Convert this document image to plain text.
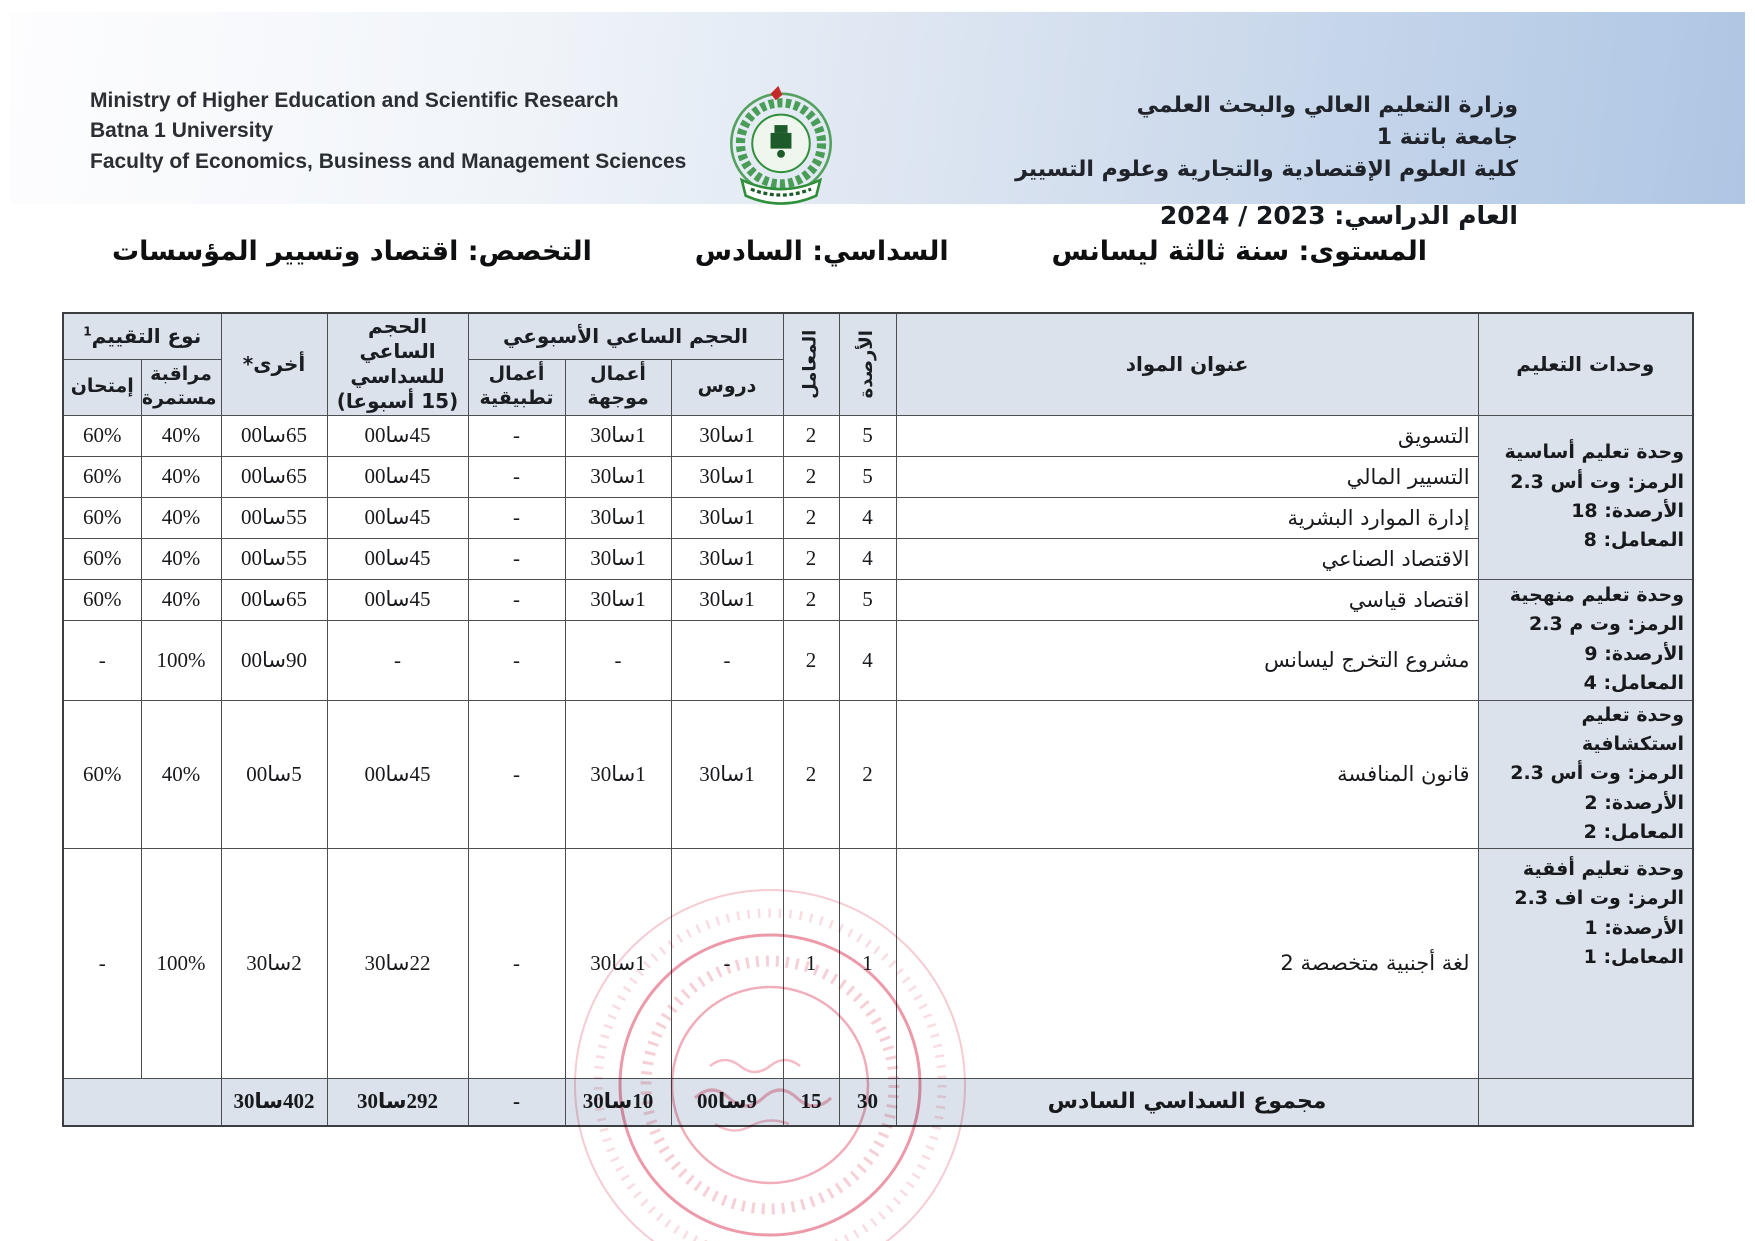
Ministry of Higher Education and Scientific Research
Batna 1 University
Faculty of Economics, Business and Management Sciences
وزارة التعليم العالي والبحث العلمي
جامعة باتنة 1
كلية العلوم الإقتصادية والتجارية وعلوم التسيير
العام الدراسي: 2023 / 2024
المستوى: سنة ثالثة ليسانس
السداسي: السادس
التخصص: اقتصاد وتسيير المؤسسات
وحدات التعليم	عنوان المواد	الأرصدة	المعامل	الحجم الساعي الأسبوعي			الحجم الساعي للسداسي (15 أسبوعا)	أخرى*	نوع التقييم$^1$
				دروس	أعمال موجهة	أعمال تطبيقية			مراقبة مستمرة	إمتحان

وحدة تعليم أساسية
الرمز: وت أس 2.3
الأرصدة: 18
المعامل: 8	التسويق	5	2	1سا30	1سا30	-	45سا00	65سا00	40%	60%
	التسيير المالي	5	2	1سا30	1سا30	-	45سا00	65سا00	40%	60%
	إدارة الموارد البشرية	4	2	1سا30	1سا30	-	45سا00	55سا00	40%	60%
	الاقتصاد الصناعي	4	2	1سا30	1سا30	-	45سا00	55سا00	40%	60%

وحدة تعليم منهجية
الرمز: وت م 2.3
الأرصدة: 9
المعامل: 4	اقتصاد قياسي	5	2	1سا30	1سا30	-	45سا00	65سا00	40%	60%
	مشروع التخرج ليسانس	4	2	-	-	-	-	90سا00	100%	-

وحدة تعليم استكشافية
الرمز: وت أس 2.3
الأرصدة: 2
المعامل: 2	قانون المنافسة	2	2	1سا30	1سا30	-	45سا00	5سا00	40%	60%

وحدة تعليم أفقية
الرمز: وت اف 2.3
الأرصدة: 1
المعامل: 1	لغة أجنبية متخصصة 2	1	1	-	1سا30	-	22سا30	2سا30	100%	-
	مجموع السداسي السادس	30	15	9سا00	10سا30	-	292سا30	402سا30		
